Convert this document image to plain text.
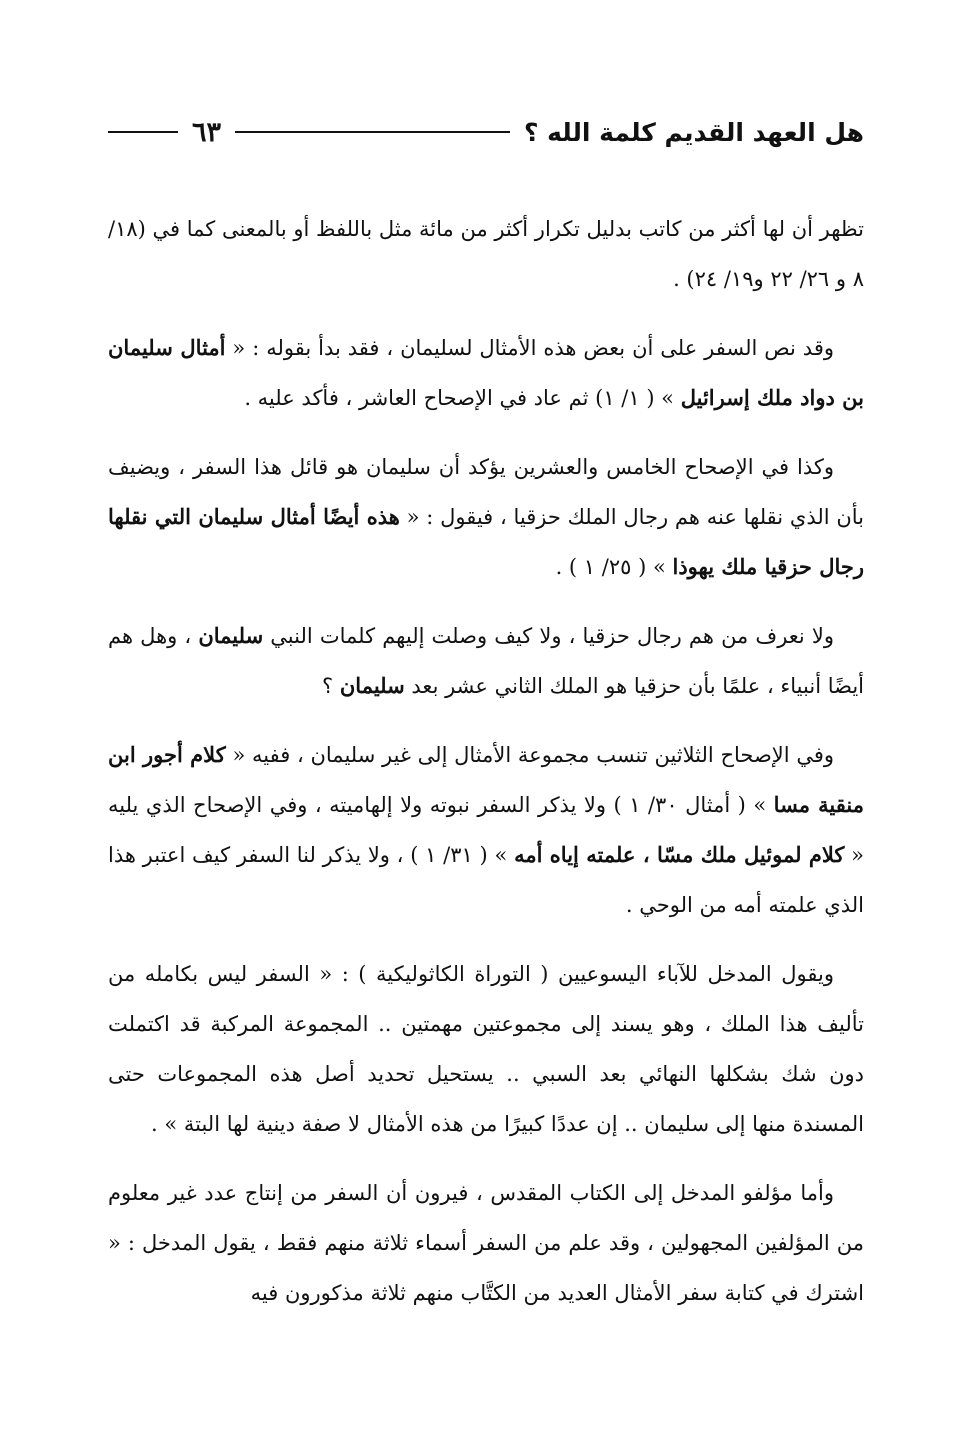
هل العهد القديم كلمة الله ؟
٦٣

تظهر أن لها أكثر من كاتب بدليل تكرار أكثر من مائة مثل باللفظ أو بالمعنى كما في (١٨/ ٨ و ٢٦/ ٢٢ و١٩/ ٢٤) .

وقد نص السفر على أن بعض هذه الأمثال لسليمان ، فقد بدأ بقوله : « أمثال سليمان بن دواد ملك إسرائيل » ( ١/ ١) ثم عاد في الإصحاح العاشر ، فأكد عليه .

وكذا في الإصحاح الخامس والعشرين يؤكد أن سليمان هو قائل هذا السفر ، ويضيف بأن الذي نقلها عنه هم رجال الملك حزقيا ، فيقول : « هذه أيضًا أمثال سليمان التي نقلها رجال حزقيا ملك يهوذا » ( ٢٥/ ١ ) .

ولا نعرف من هم رجال حزقيا ، ولا كيف وصلت إليهم كلمات النبي سليمان ، وهل هم أيضًا أنبياء ، علمًا بأن حزقيا هو الملك الثاني عشر بعد سليمان ؟

وفي الإصحاح الثلاثين تنسب مجموعة الأمثال إلى غير سليمان ، ففيه « كلام أجور ابن منقية مسا » ( أمثال ٣٠/ ١ ) ولا يذكر السفر نبوته ولا إلهاميته ، وفي الإصحاح الذي يليه « كلام لموئيل ملك مسّا ، علمته إياه أمه » ( ٣١/ ١ ) ، ولا يذكر لنا السفر كيف اعتبر هذا الذي علمته أمه من الوحي .

ويقول المدخل للآباء اليسوعيين ( التوراة الكاثوليكية ) : « السفر ليس بكامله من تأليف هذا الملك ، وهو يسند إلى مجموعتين مهمتين .. المجموعة المركبة قد اكتملت دون شك بشكلها النهائي بعد السبي .. يستحيل تحديد أصل هذه المجموعات حتى المسندة منها إلى سليمان .. إن عددًا كبيرًا من هذه الأمثال لا صفة دينية لها البتة » .

وأما مؤلفو المدخل إلى الكتاب المقدس ، فيرون أن السفر من إنتاج عدد غير معلوم من المؤلفين المجهولين ، وقد علم من السفر أسماء ثلاثة منهم فقط ، يقول المدخل : « اشترك في كتابة سفر الأمثال العديد من الكتَّاب منهم ثلاثة مذكورون فيه
